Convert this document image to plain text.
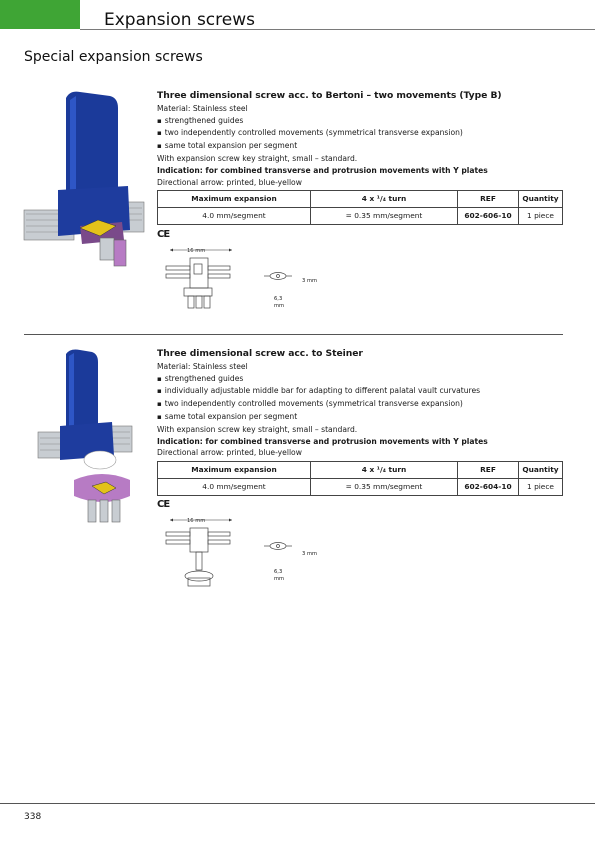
Expansion screws
Special expansion screws
Three dimensional screw acc. to Bertoni – two movements (Type B)
Material: Stainless steel
▪ strengthened guides
▪ two independently controlled movements (symmetrical transverse expansion)
▪ same total expansion per segment
With expansion screw key straight, small – standard.
Indication: for combined transverse and protrusion movements with Y plates
Directional arrow: printed, blue-yellow
Maximum expansion	4 x ¹/₄ turn	REF	Quantity
4.0 mm/segment	= 0.35 mm/segment	602-606-10	1 piece
CE
16 mm
3 mm
6,3
mm
Three dimensional screw acc. to Steiner
Material: Stainless steel
▪ strengthened guides
▪ individually adjustable middle bar for adapting to different palatal vault curvatures
▪ two independently controlled movements (symmetrical transverse expansion)
▪ same total expansion per segment
With expansion screw key straight, small – standard.
Indication: for combined transverse and protrusion movements with Y plates
Directional arrow: printed, blue-yellow
Maximum expansion	4 x ¹/₄ turn	REF	Quantity
4.0 mm/segment	= 0.35 mm/segment	602-604-10	1 piece
CE
16 mm
3 mm
6,3
mm
338
